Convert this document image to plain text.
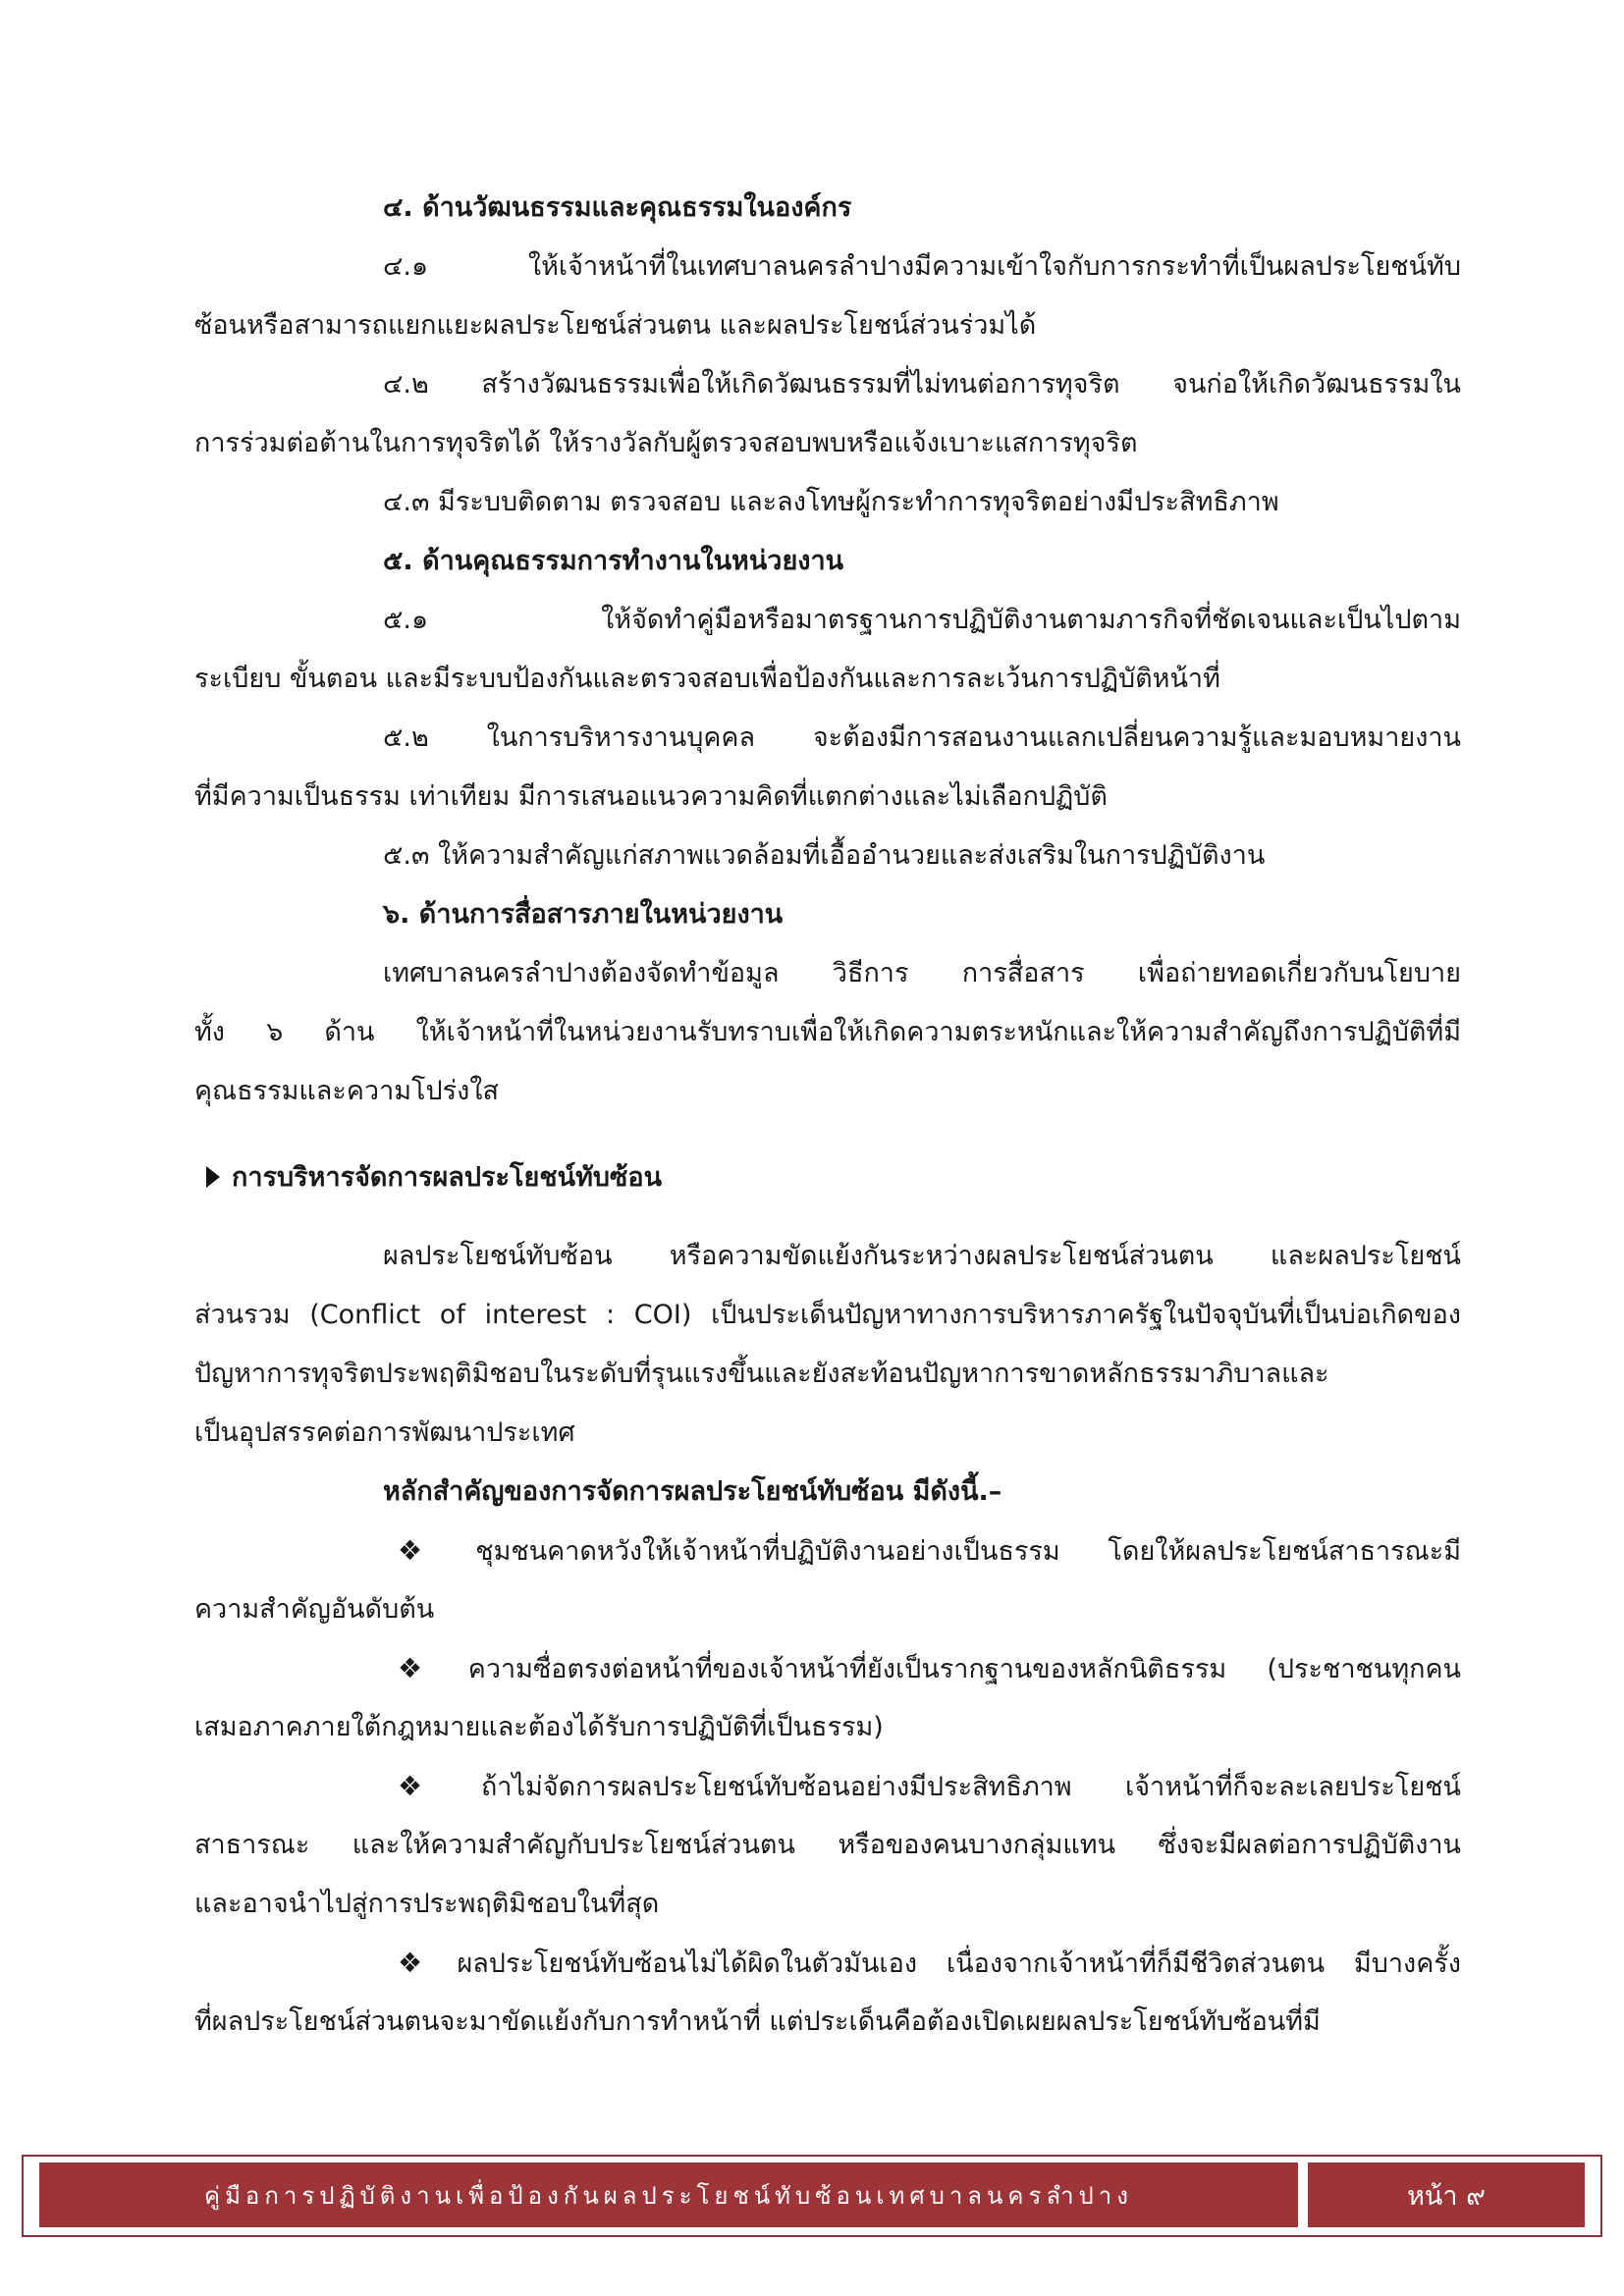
๔. ด้านวัฒนธรรมและคุณธรรมในองค์กร
๔.๑ ให้เจ้าหน้าที่ในเทศบาลนครลำปางมีความเข้าใจกับการกระทำที่เป็นผลประโยชน์ทับ
ซ้อนหรือสามารถแยกแยะผลประโยชน์ส่วนตน และผลประโยชน์ส่วนร่วมได้
๔.๒ สร้างวัฒนธรรมเพื่อให้เกิดวัฒนธรรมที่ไม่ทนต่อการทุจริต จนก่อให้เกิดวัฒนธรรมใน
การร่วมต่อต้านในการทุจริตได้ ให้รางวัลกับผู้ตรวจสอบพบหรือแจ้งเบาะแสการทุจริต
๔.๓ มีระบบติดตาม ตรวจสอบ และลงโทษผู้กระทำการทุจริตอย่างมีประสิทธิภาพ
๕. ด้านคุณธรรมการทำงานในหน่วยงาน
๕.๑ ให้จัดทำคู่มือหรือมาตรฐานการปฏิบัติงานตามภารกิจที่ชัดเจนและเป็นไปตาม
ระเบียบ ขั้นตอน และมีระบบป้องกันและตรวจสอบเพื่อป้องกันและการละเว้นการปฏิบัติหน้าที่
๕.๒ ในการบริหารงานบุคคล จะต้องมีการสอนงานแลกเปลี่ยนความรู้และมอบหมายงาน
ที่มีความเป็นธรรม เท่าเทียม มีการเสนอแนวความคิดที่แตกต่างและไม่เลือกปฏิบัติ
๕.๓ ให้ความสำคัญแก่สภาพแวดล้อมที่เอื้ออำนวยและส่งเสริมในการปฏิบัติงาน
๖. ด้านการสื่อสารภายในหน่วยงาน
เทศบาลนครลำปางต้องจัดทำข้อมูล วิธีการ การสื่อสาร เพื่อถ่ายทอดเกี่ยวกับนโยบาย
ทั้ง ๖ ด้าน ให้เจ้าหน้าที่ในหน่วยงานรับทราบเพื่อให้เกิดความตระหนักและให้ความสำคัญถึงการปฏิบัติที่มี
คุณธรรมและความโปร่งใส
การบริหารจัดการผลประโยชน์ทับซ้อน
ผลประโยชน์ทับซ้อน หรือความขัดแย้งกันระหว่างผลประโยชน์ส่วนตน และผลประโยชน์
ส่วนรวม (Conflict of interest : COI) เป็นประเด็นปัญหาทางการบริหารภาครัฐในปัจจุบันที่เป็นบ่อเกิดของ
ปัญหาการทุจริตประพฤติมิชอบในระดับที่รุนแรงขึ้นและยังสะท้อนปัญหาการขาดหลักธรรมาภิบาลและ
เป็นอุปสรรคต่อการพัฒนาประเทศ
หลักสำคัญของการจัดการผลประโยชน์ทับซ้อน มีดังนี้.–
❖ ชุมชนคาดหวังให้เจ้าหน้าที่ปฏิบัติงานอย่างเป็นธรรม โดยให้ผลประโยชน์สาธารณะมี
ความสำคัญอันดับต้น
❖ ความซื่อตรงต่อหน้าที่ของเจ้าหน้าที่ยังเป็นรากฐานของหลักนิติธรรม (ประชาชนทุกคน
เสมอภาคภายใต้กฎหมายและต้องได้รับการปฏิบัติที่เป็นธรรม)
❖ ถ้าไม่จัดการผลประโยชน์ทับซ้อนอย่างมีประสิทธิภาพ เจ้าหน้าที่ก็จะละเลยประโยชน์
สาธารณะ และให้ความสำคัญกับประโยชน์ส่วนตน หรือของคนบางกลุ่มแทน ซึ่งจะมีผลต่อการปฏิบัติงาน
และอาจนำไปสู่การประพฤติมิชอบในที่สุด
❖ ผลประโยชน์ทับซ้อนไม่ได้ผิดในตัวมันเอง เนื่องจากเจ้าหน้าที่ก็มีชีวิตส่วนตน มีบางครั้ง
ที่ผลประโยชน์ส่วนตนจะมาขัดแย้งกับการทำหน้าที่ แต่ประเด็นคือต้องเปิดเผยผลประโยชน์ทับซ้อนที่มี
คู่มือการปฏิบัติงานเพื่อป้องกันผลประโยชน์ทับซ้อนเทศบาลนครลำปาง	หน้า ๙
